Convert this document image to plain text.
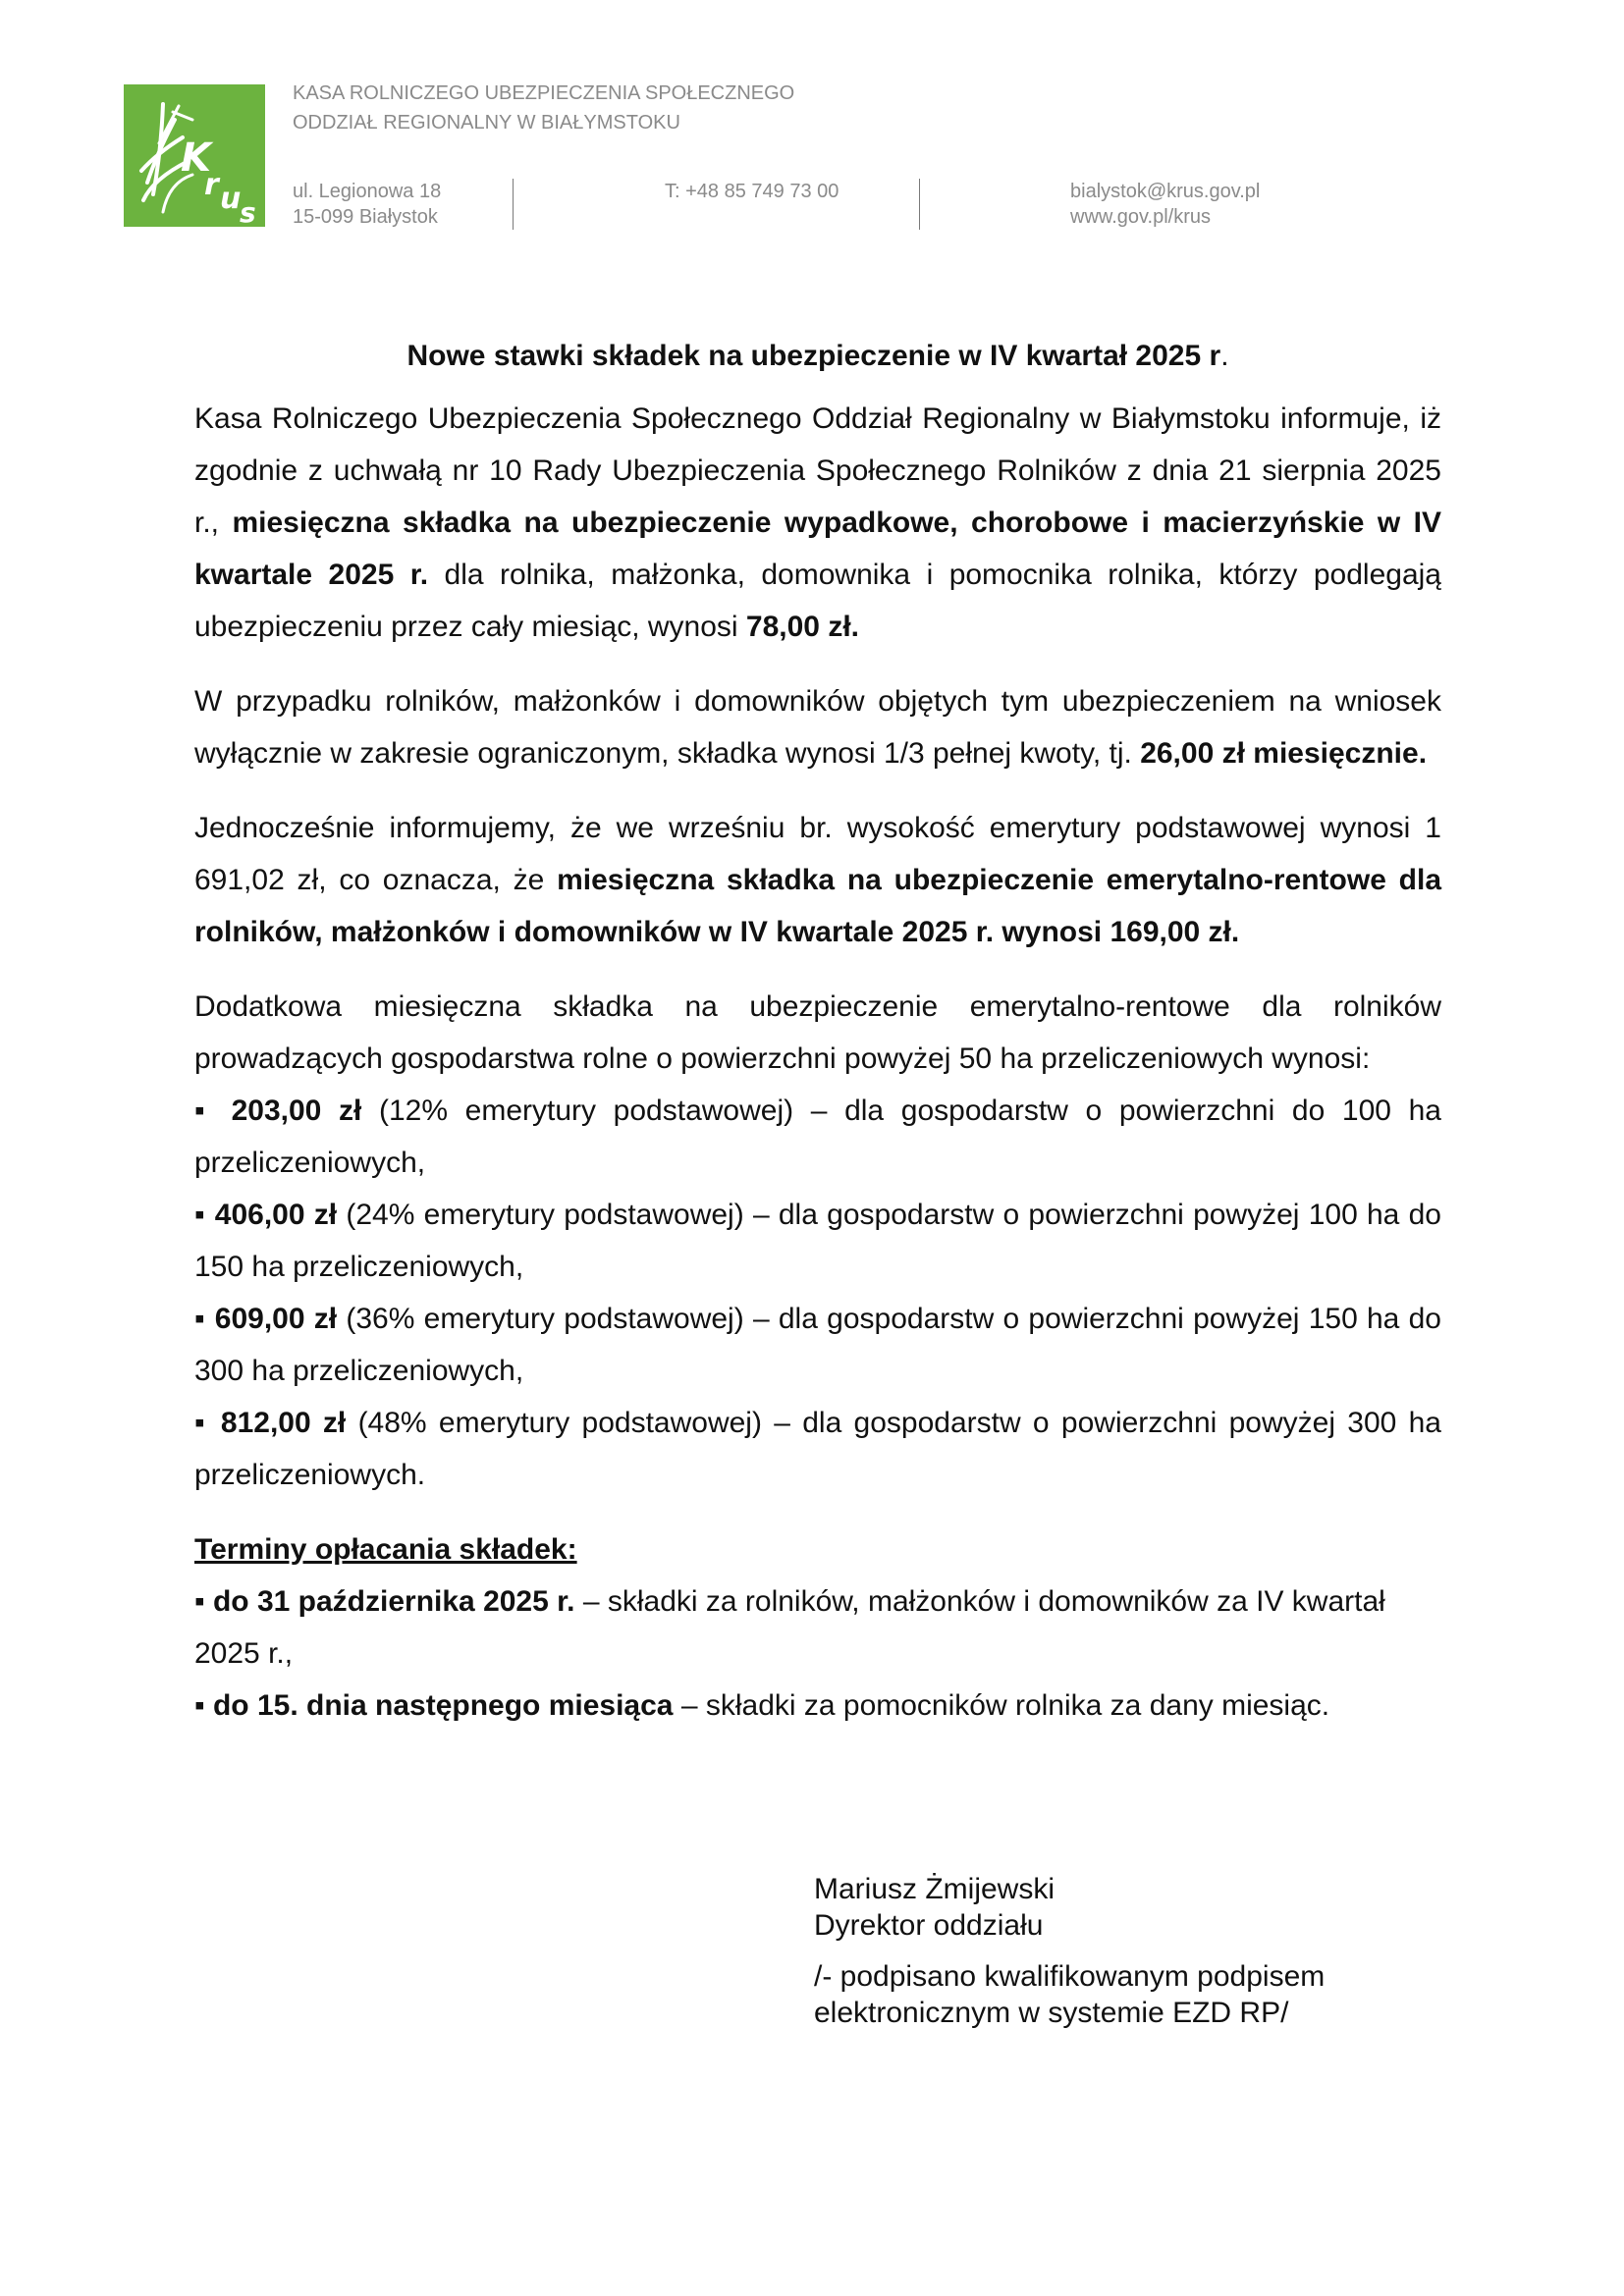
K
r u
s
KASA ROLNICZEGO UBEZPIECZENIA SPOŁECZNEGO
ODDZIAŁ REGIONALNY W BIAŁYMSTOKU
ul. Legionowa 18
15-099 Białystok
T: +48 85 749 73 00	bialystok@krus.gov.pl
www.gov.pl/krus
Nowe stawki składek na ubezpieczenie w IV kwartał 2025 r.

Kasa Rolniczego Ubezpieczenia Społecznego Oddział Regionalny w Białymstoku informuje, iż zgodnie z uchwałą nr 10 Rady Ubezpieczenia Społecznego Rolników z dnia 21 sierpnia 2025 r., miesięczna składka na ubezpieczenie wypadkowe, chorobowe i macierzyńskie w IV kwartale 2025 r. dla rolnika, małżonka, domownika i pomocnika rolnika, którzy podlegają ubezpieczeniu przez cały miesiąc, wynosi 78,00 zł.

W przypadku rolników, małżonków i domowników objętych tym ubezpieczeniem na wniosek wyłącznie w zakresie ograniczonym, składka wynosi 1/3 pełnej kwoty, tj. 26,00 zł miesięcznie.

Jednocześnie informujemy, że we wrześniu br. wysokość emerytury podstawowej wynosi 1 691,02 zł, co oznacza, że miesięczna składka na ubezpieczenie emerytalno-rentowe dla rolników, małżonków i domowników w IV kwartale 2025 r. wynosi 169,00 zł.

Dodatkowa miesięczna składka na ubezpieczenie emerytalno-rentowe dla rolników prowadzących gospodarstwa rolne o powierzchni powyżej 50 ha przeliczeniowych wynosi:
▪ 203,00 zł (12% emerytury podstawowej) – dla gospodarstw o powierzchni do 100 ha przeliczeniowych,
▪ 406,00 zł (24% emerytury podstawowej) – dla gospodarstw o powierzchni powyżej 100 ha do 150 ha przeliczeniowych,
▪ 609,00 zł (36% emerytury podstawowej) – dla gospodarstw o powierzchni powyżej 150 ha do 300 ha przeliczeniowych,
▪ 812,00 zł (48% emerytury podstawowej) – dla gospodarstw o powierzchni powyżej 300 ha przeliczeniowych.

Terminy opłacania składek:

▪ do 31 października 2025 r. – składki za rolników, małżonków i domowników za IV kwartał 2025 r.,

▪ do 15. dnia następnego miesiąca – składki za pomocników rolnika za dany miesiąc.

Mariusz Żmijewski
Dyrektor oddziału
/- podpisano kwalifikowanym podpisem
elektronicznym w systemie EZD RP/
